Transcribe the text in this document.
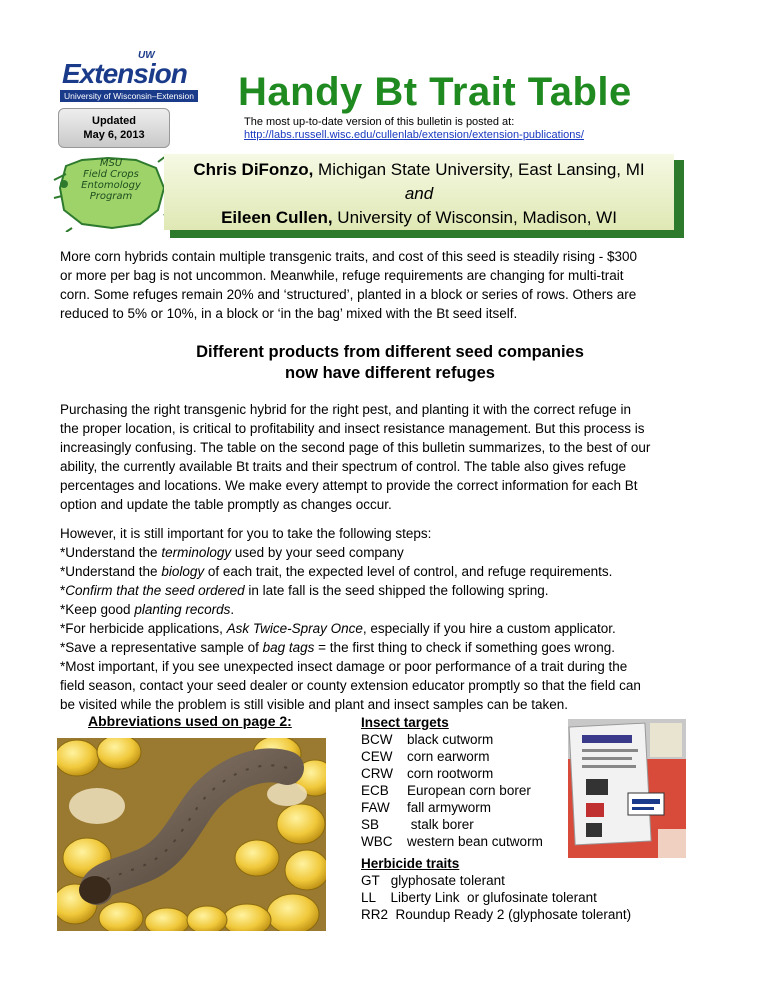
UW
Extension
University of Wisconsin–Extension
Updated
May 6, 2013
Handy Bt Trait Table
The most up-to-date version of this bulletin is posted at:
http://labs.russell.wisc.edu/cullenlab/extension/extension-publications/
MSU
Field Crops
Entomology
Program
Chris DiFonzo, Michigan State University, East Lansing, MI
and
Eileen Cullen, University of Wisconsin, Madison, WI
More corn hybrids contain multiple transgenic traits, and cost of this seed is steadily rising - $300
or more per bag is not uncommon. Meanwhile, refuge requirements are changing for multi-trait
corn. Some refuges remain 20% and ‘structured’, planted in a block or series of rows. Others are
reduced to 5% or 10%, in a block or ‘in the bag’ mixed with the Bt seed itself.
Different products from different seed companies
now have different refuges
Purchasing the right transgenic hybrid for the right pest, and planting it with the correct refuge in
the proper location, is critical to profitability and insect resistance management. But this process is
increasingly confusing. The table on the second page of this bulletin summarizes, to the best of our
ability, the currently available Bt traits and their spectrum of control. The table also gives refuge
percentages and locations. We make every attempt to provide the correct information for each Bt
option and update the table promptly as changes occur.
However, it is still important for you to take the following steps:
*Understand the terminology used by your seed company
*Understand the biology of each trait, the expected level of control, and refuge requirements.
*Confirm that the seed ordered in late fall is the seed shipped the following spring.
*Keep good planting records.
*For herbicide applications, Ask Twice-Spray Once, especially if you hire a custom applicator.
*Save a representative sample of bag tags = the first thing to check if something goes wrong.
*Most important, if you see unexpected insect damage or poor performance of a trait during the
field season, contact your seed dealer or county extension educator promptly so that the field can
be visited while the problem is still visible and plant and insect samples can be taken.
Abbreviations used on page 2:	Insect targets
BCW black cutworm
CEW corn earworm
CRW corn rootworm
ECB European corn borer
FAW fall armyworm
SB stalk borer
WBC western bean cutworm
Herbicide traits
GT   glyphosate tolerant
LL    Liberty Link  or glufosinate tolerant
RR2  Roundup Ready 2 (glyphosate tolerant)
